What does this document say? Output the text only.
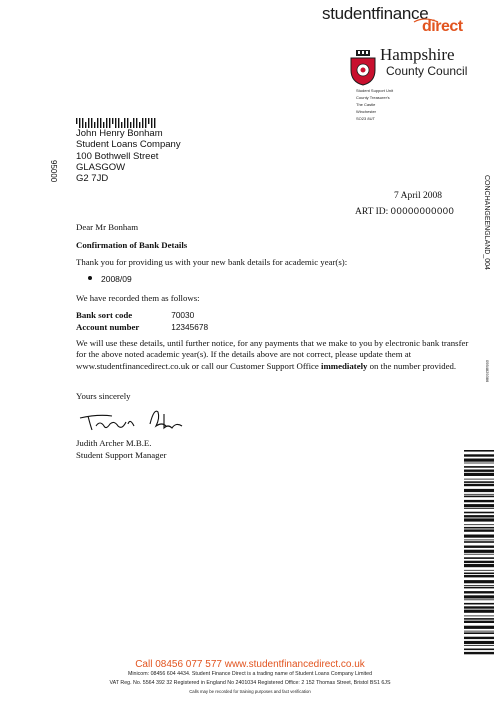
studentfinance
direct
Hampshire
County Council
Student Support Unit
County Treasurer's
The Castle
Winchester
SO23 8UT
John Henry Bonham
Student Loans Company
100 Bothwell Street
GLASGOW
G2 7JD
95000
CONCHANGEENGLAND_004
0954829386
7 April 2008
ART ID: 00000000000
Dear Mr Bonham
Confirmation of Bank Details
Thank you for providing us with your new bank details for academic year(s):
2008/09
We have recorded them as follows:
Bank sort code	70030
Account number	12345678
We will use these details, until further notice, for any payments that we make to you by electronic bank transfer for the above noted academic year(s). If the details above are not correct, please update them at www.studentfinancedirect.co.uk or call our Customer Support Office immediately on the number provided.
Yours sincerely
Judith Archer M.B.E.
Student Support Manager
Call 08456 077 577 www.studentfinancedirect.co.uk
Minicom: 08456 604 4434. Student Finance Direct is a trading name of Student Loans Company Limited
VAT Reg. No. 5564 392 32 Registered in England No 2401034 Registered Office: 2 152 Thomas Street, Bristol BS1 6JS
Calls may be recorded for training purposes and fact verification
